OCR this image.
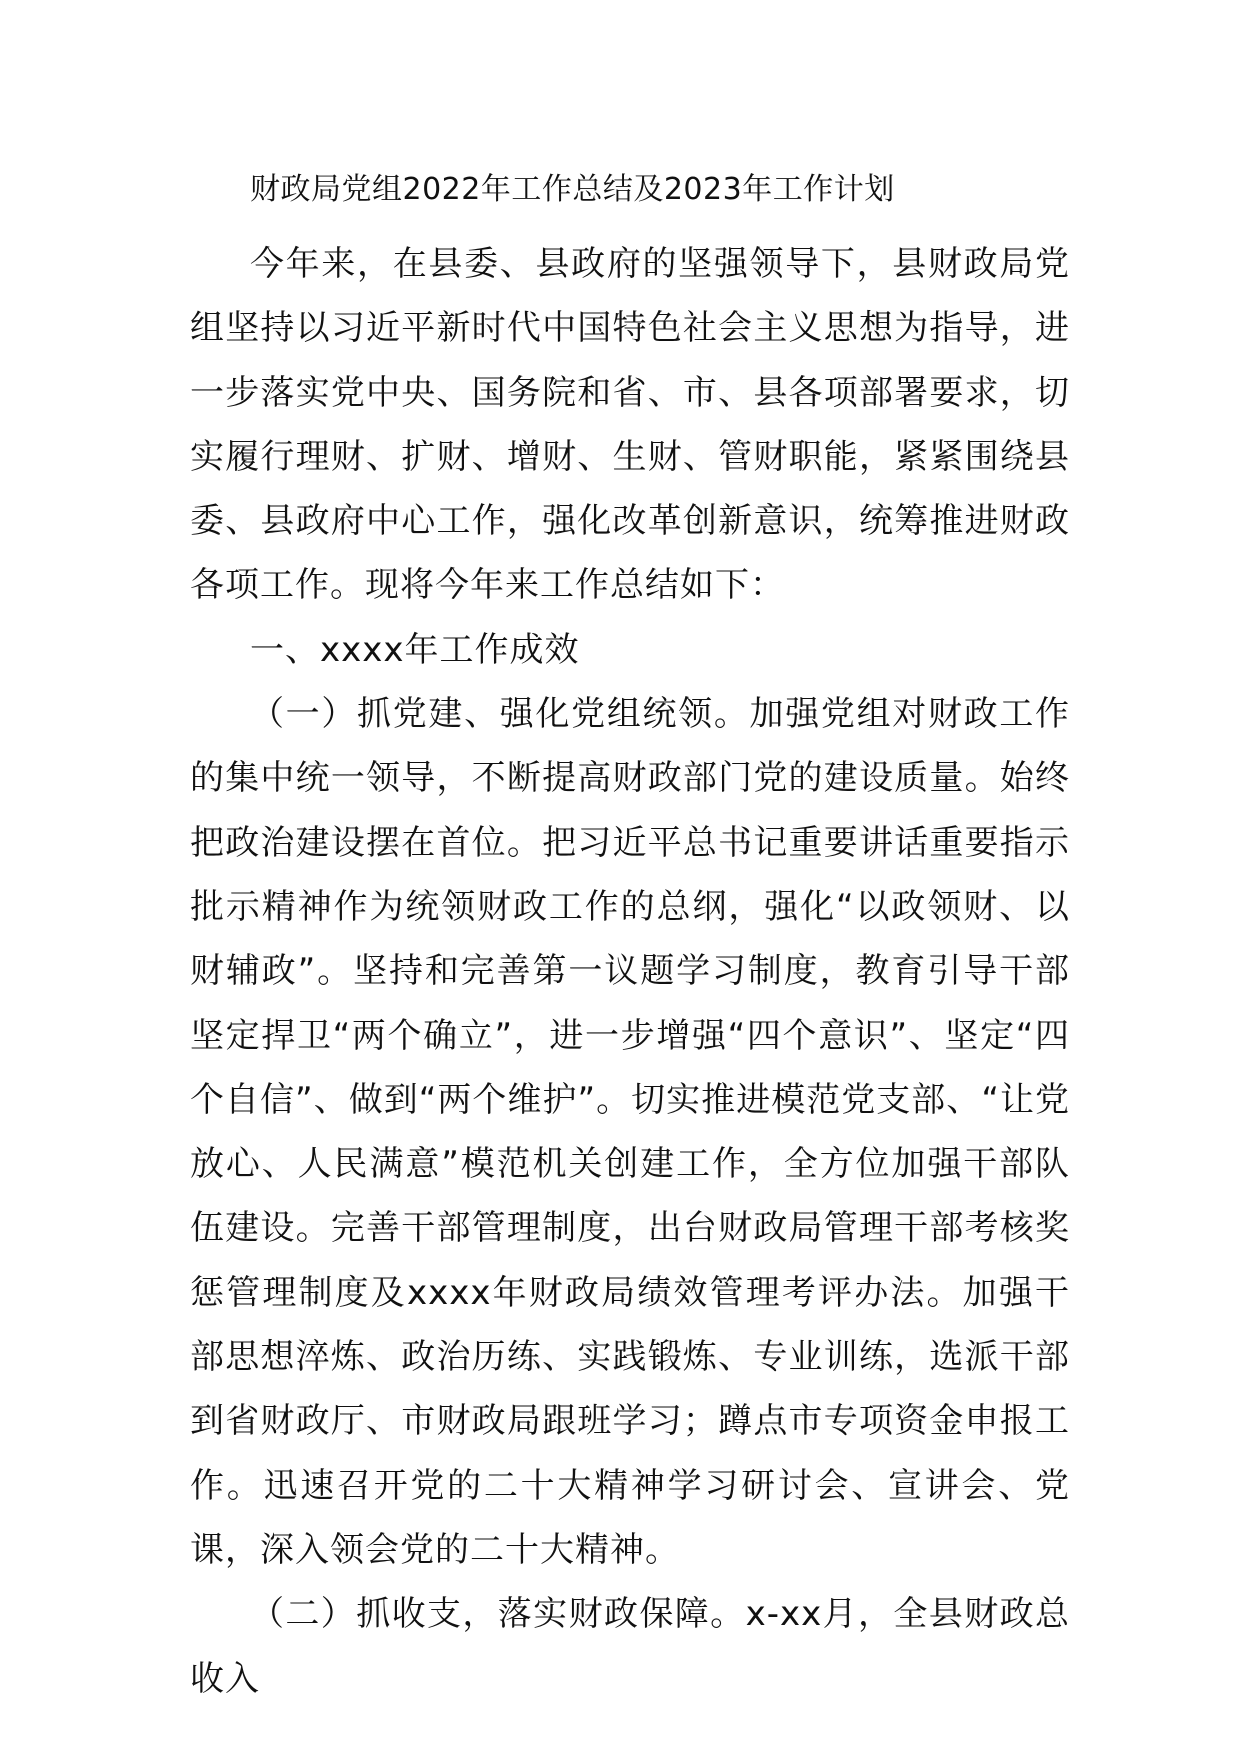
财政局党组2022年工作总结及2023年工作计划
今年来，在县委、县政府的坚强领导下，县财政局党组坚持以习近平新时代中国特色社会主义思想为指导，进一步落实党中央、国务院和省、市、县各项部署要求，切实履行理财、扩财、增财、生财、管财职能，紧紧围绕县委、县政府中心工作，强化改革创新意识，统筹推进财政各项工作。现将今年来工作总结如下：
一、xxxx年工作成效
（一）抓党建、强化党组统领。加强党组对财政工作的集中统一领导，不断提高财政部门党的建设质量。始终把政治建设摆在首位。把习近平总书记重要讲话重要指示批示精神作为统领财政工作的总纲，强化“以政领财、以财辅政”。坚持和完善第一议题学习制度，教育引导干部坚定捍卫“两个确立”，进一步增强“四个意识”、坚定“四个自信”、做到“两个维护”。切实推进模范党支部、“让党放心、人民满意”模范机关创建工作，全方位加强干部队伍建设。完善干部管理制度，出台财政局管理干部考核奖惩管理制度及xxxx年财政局绩效管理考评办法。加强干部思想淬炼、政治历练、实践锻炼、专业训练，选派干部到省财政厅、市财政局跟班学习；蹲点市专项资金申报工作。迅速召开党的二十大精神学习研讨会、宣讲会、党课，深入领会党的二十大精神。
（二）抓收支，落实财政保障。x-xx月，全县财政总收入
